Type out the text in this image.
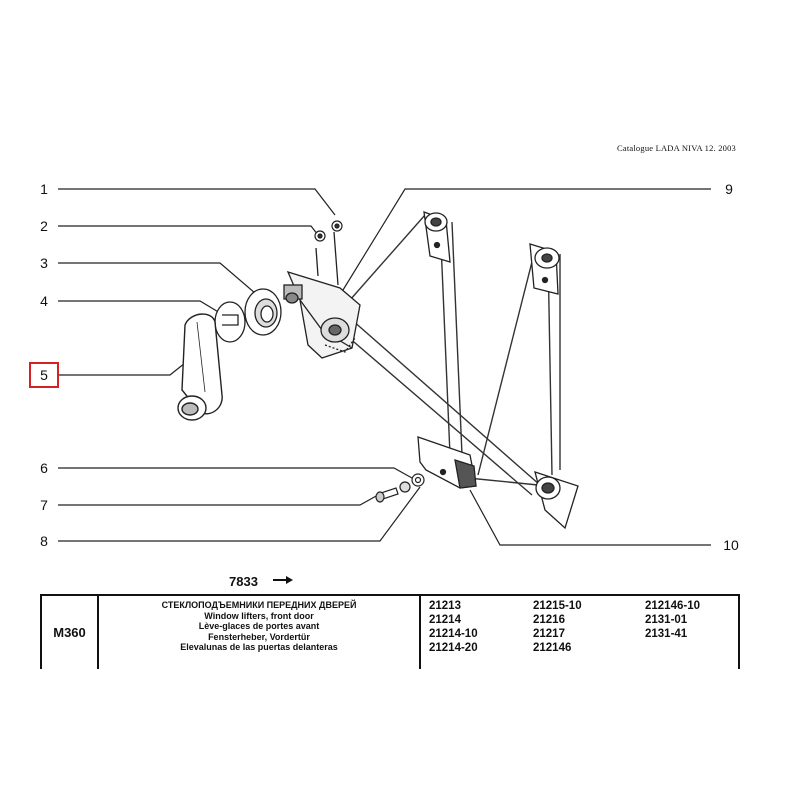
Catalogue LADA NIVA 12. 2003
1
2
3
4
5
6
7
8
9
10
7833
M360
СТЕКЛОПОДЪЕМНИКИ ПЕРЕДНИХ ДВЕРЕЙ
Window lifters, front door
Lève-glaces de portes avant
Fensterheber, Vordertür
Elevalunas de las puertas delanteras
21213	21215-10	212146-10
21214	21216	2131-01
21214-10	21217	2131-41
21214-20	212146
